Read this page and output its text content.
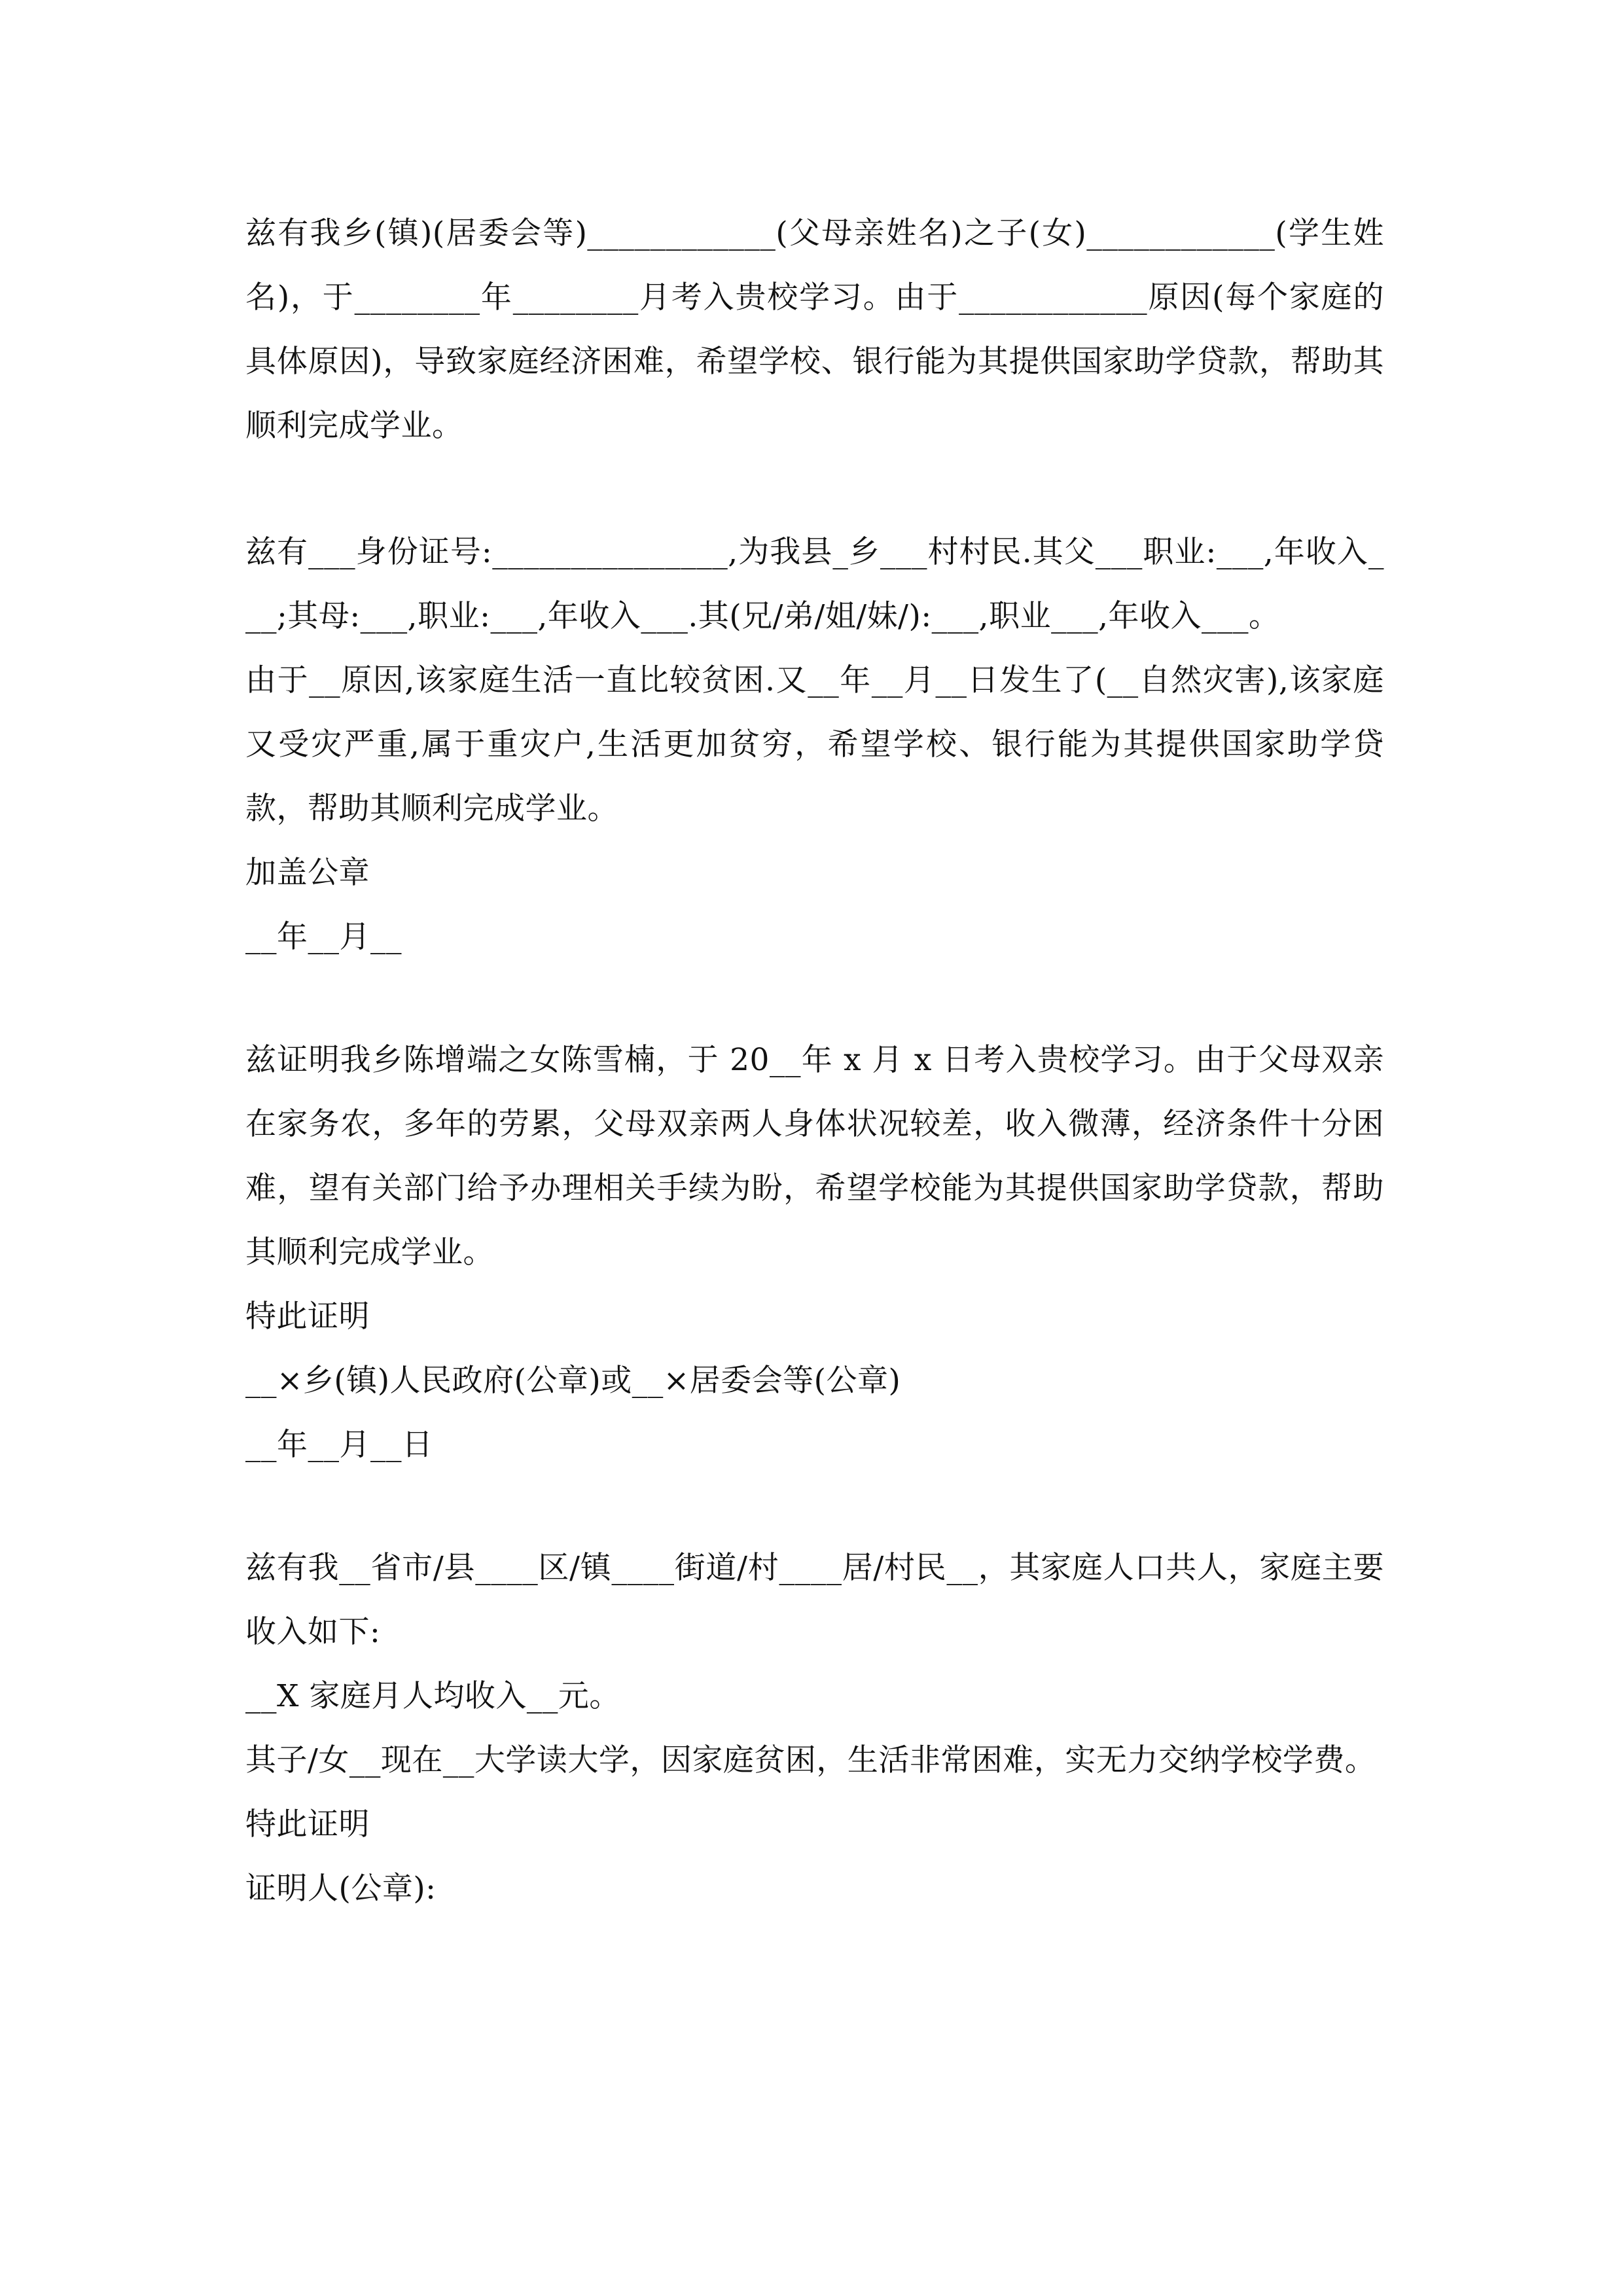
兹有我乡(镇)(居委会等)____________(父母亲姓名)之子(女)____________(学生姓名)，于________年________月考入贵校学习。由于____________原因(每个家庭的具体原因)，导致家庭经济困难，希望学校、银行能为其提供国家助学贷款，帮助其顺利完成学业。

兹有___身份证号:_______________,为我县_乡___村村民.其父___职业:___,年收入___;其母:___,职业:___,年收入___.其(兄/弟/姐/妹/):___,职业___,年收入___。

由于__原因,该家庭生活一直比较贫困.又__年__月__日发生了(__自然灾害),该家庭又受灾严重,属于重灾户,生活更加贫穷，希望学校、银行能为其提供国家助学贷款，帮助其顺利完成学业。

加盖公章

__年__月__

兹证明我乡陈增端之女陈雪楠，于 20__年 x 月 x 日考入贵校学习。由于父母双亲在家务农，多年的劳累，父母双亲两人身体状况较差，收入微薄，经济条件十分困难，望有关部门给予办理相关手续为盼，希望学校能为其提供国家助学贷款，帮助其顺利完成学业。

特此证明

__×乡(镇)人民政府(公章)或__×居委会等(公章)

__年__月__日

兹有我__省市/县____区/镇____街道/村____居/村民__，其家庭人口共人，家庭主要收入如下:

__X 家庭月人均收入__元。

其子/女__现在__大学读大学，因家庭贫困，生活非常困难，实无力交纳学校学费。

特此证明

证明人(公章):
